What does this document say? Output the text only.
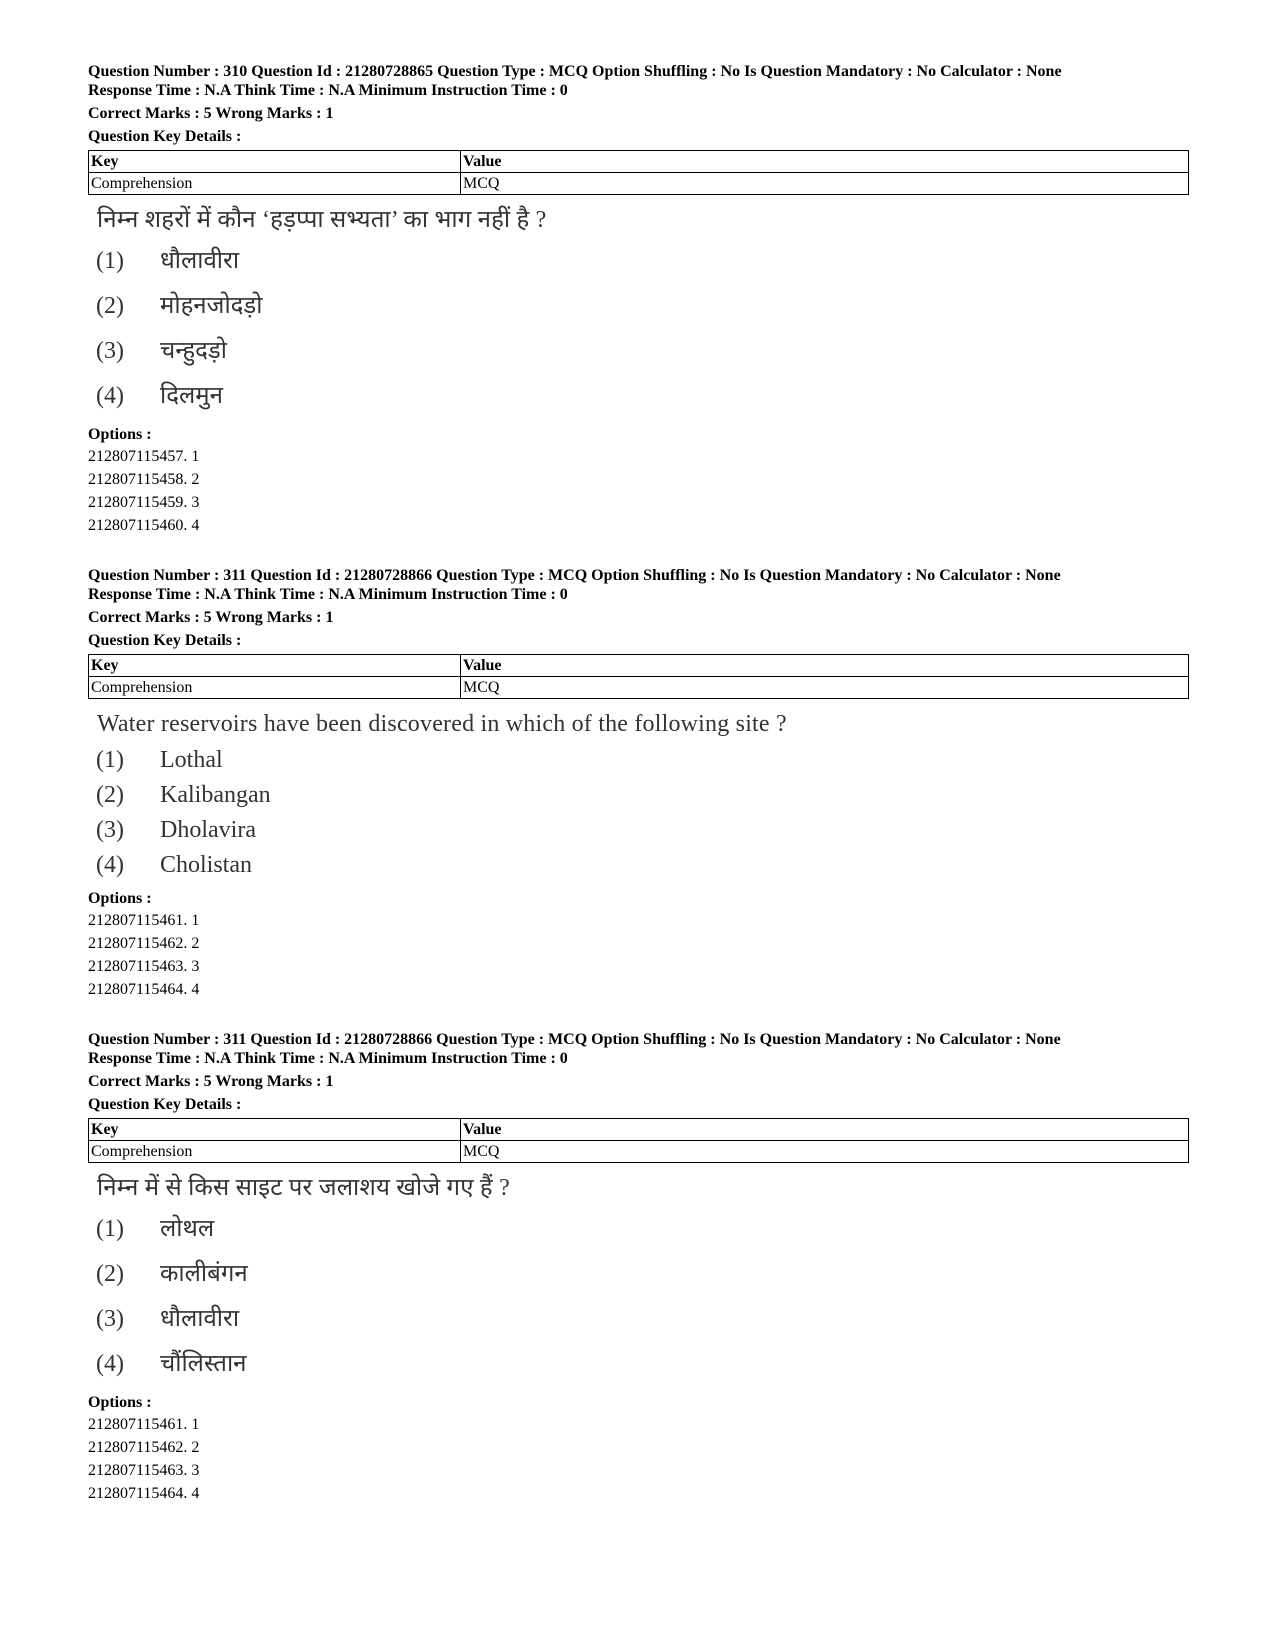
Question Number : 310 Question Id : 21280728865 Question Type : MCQ Option Shuffling : No Is Question Mandatory : No Calculator : None
Response Time : N.A Think Time : N.A Minimum Instruction Time : 0
Correct Marks : 5 Wrong Marks : 1
Question Key Details :
Key	Value
Comprehension	MCQ
निम्न शहरों में कौन ‘हड़प्पा सभ्यता’ का भाग नहीं है ?
(1) धौलावीरा
(2) मोहनजोदड़ो
(3) चन्हुदड़ो
(4) दिलमुन
Options :
212807115457. 1
212807115458. 2
212807115459. 3
212807115460. 4
Question Number : 311 Question Id : 21280728866 Question Type : MCQ Option Shuffling : No Is Question Mandatory : No Calculator : None
Response Time : N.A Think Time : N.A Minimum Instruction Time : 0
Correct Marks : 5 Wrong Marks : 1
Question Key Details :
Key	Value
Comprehension	MCQ
Water reservoirs have been discovered in which of the following site ?
(1) Lothal
(2) Kalibangan
(3) Dholavira
(4) Cholistan
Options :
212807115461. 1
212807115462. 2
212807115463. 3
212807115464. 4
Question Number : 311 Question Id : 21280728866 Question Type : MCQ Option Shuffling : No Is Question Mandatory : No Calculator : None
Response Time : N.A Think Time : N.A Minimum Instruction Time : 0
Correct Marks : 5 Wrong Marks : 1
Question Key Details :
Key	Value
Comprehension	MCQ
निम्न में से किस साइट पर जलाशय खोजे गए हैं ?
(1) लोथल
(2) कालीबंगन
(3) धौलावीरा
(4) चौंलिस्तान
Options :
212807115461. 1
212807115462. 2
212807115463. 3
212807115464. 4
